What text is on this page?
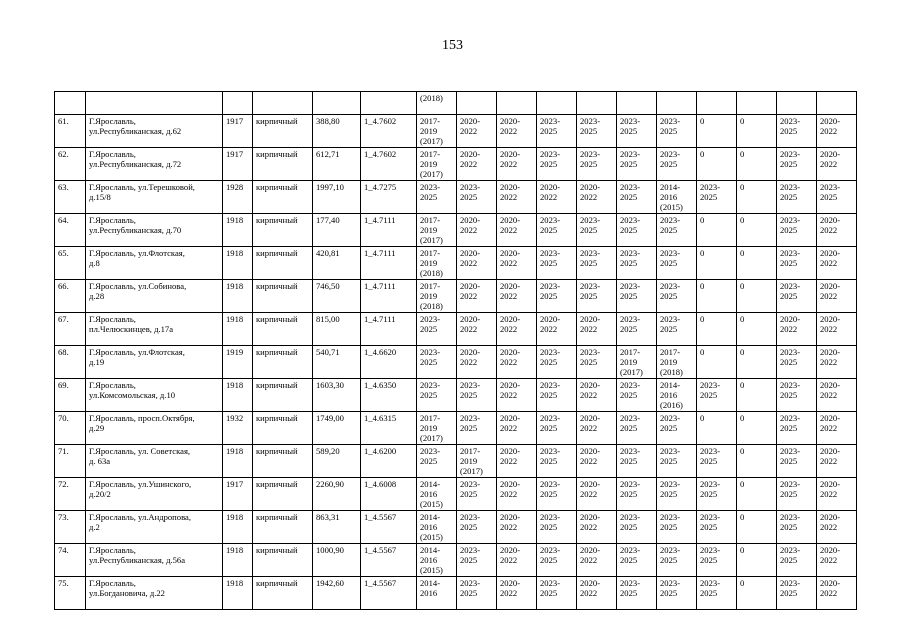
153

						(2018)										

61.	Г.Ярославль,
ул.Республиканская, д.62	1917	кирпичный	388,80	1_4.7602	2017-
2019
(2017)	2020-
2022	2020-
2022	2023-
2025	2023-
2025	2023-
2025	2023-
2025	0	0	2023-
2025	2020-
2022

62.	Г.Ярославль,
ул.Республиканская, д.72	1917	кирпичный	612,71	1_4.7602	2017-
2019
(2017)	2020-
2022	2020-
2022	2023-
2025	2023-
2025	2023-
2025	2023-
2025	0	0	2023-
2025	2020-
2022

63.	Г.Ярославль, ул.Терешковой,
д.15/8	1928	кирпичный	1997,10	1_4.7275	2023-
2025	2023-
2025	2020-
2022	2020-
2022	2020-
2022	2023-
2025	2014-
2016
(2015)	2023-
2025	0	2023-
2025	2023-
2025

64.	Г.Ярославль,
ул.Республиканская, д.70	1918	кирпичный	177,40	1_4.7111	2017-
2019
(2017)	2020-
2022	2020-
2022	2023-
2025	2023-
2025	2023-
2025	2023-
2025	0	0	2023-
2025	2020-
2022

65.	Г.Ярославль, ул.Флотская,
д.8	1918	кирпичный	420,81	1_4.7111	2017-
2019
(2018)	2020-
2022	2020-
2022	2023-
2025	2023-
2025	2023-
2025	2023-
2025	0	0	2023-
2025	2020-
2022

66.	Г.Ярославль, ул.Собинова,
д.28	1918	кирпичный	746,50	1_4.7111	2017-
2019
(2018)	2020-
2022	2020-
2022	2023-
2025	2023-
2025	2023-
2025	2023-
2025	0	0	2023-
2025	2020-
2022

67.	Г.Ярославль,
пл.Челюскинцев, д.17а	1918	кирпичный	815,00	1_4.7111	2023-
2025	2020-
2022	2020-
2022	2020-
2022	2020-
2022	2023-
2025	2023-
2025	0	0	2020-
2022	2020-
2022

68.	Г.Ярославль, ул.Флотская,
д.19	1919	кирпичный	540,71	1_4.6620	2023-
2025	2020-
2022	2020-
2022	2023-
2025	2023-
2025	2017-
2019
(2017)	2017-
2019
(2018)	0	0	2023-
2025	2020-
2022

69.	Г.Ярославль,
ул.Комсомольская, д.10	1918	кирпичный	1603,30	1_4.6350	2023-
2025	2023-
2025	2020-
2022	2023-
2025	2020-
2022	2023-
2025	2014-
2016
(2016)	2023-
2025	0	2023-
2025	2020-
2022

70.	Г.Ярославль, просп.Октября,
д.29	1932	кирпичный	1749,00	1_4.6315	2017-
2019
(2017)	2023-
2025	2020-
2022	2023-
2025	2020-
2022	2023-
2025	2023-
2025	0	0	2023-
2025	2020-
2022

71.	Г.Ярославль, ул. Советская,
д. 63а	1918	кирпичный	589,20	1_4.6200	2023-
2025	2017-
2019
(2017)	2020-
2022	2023-
2025	2020-
2022	2023-
2025	2023-
2025	2023-
2025	0	2023-
2025	2020-
2022

72.	Г.Ярославль, ул.Ушинского,
д.20/2	1917	кирпичный	2260,90	1_4.6008	2014-
2016
(2015)	2023-
2025	2020-
2022	2023-
2025	2020-
2022	2023-
2025	2023-
2025	2023-
2025	0	2023-
2025	2020-
2022

73.	Г.Ярославль, ул.Андропова,
д.2	1918	кирпичный	863,31	1_4.5567	2014-
2016
(2015)	2023-
2025	2020-
2022	2023-
2025	2020-
2022	2023-
2025	2023-
2025	2023-
2025	0	2023-
2025	2020-
2022

74.	Г.Ярославль,
ул.Республиканская, д.56а	1918	кирпичный	1000,90	1_4.5567	2014-
2016
(2015)	2023-
2025	2020-
2022	2023-
2025	2020-
2022	2023-
2025	2023-
2025	2023-
2025	0	2023-
2025	2020-
2022

75.	Г.Ярославль,
ул.Богдановича, д.22	1918	кирпичный	1942,60	1_4.5567	2014-
2016	2023-
2025	2020-
2022	2023-
2025	2020-
2022	2023-
2025	2023-
2025	2023-
2025	0	2023-
2025	2020-
2022
